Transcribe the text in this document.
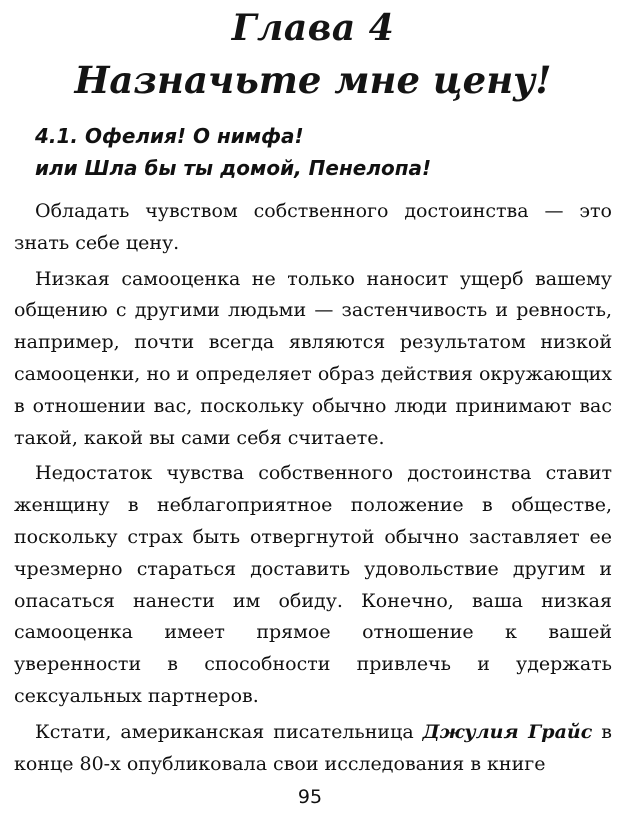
Глава 4
Назначьте мне цену!
4.1. Офелия! О нимфа!
или Шла бы ты домой, Пенелопа!

Обладать чувством собственного достоинства — это знать себе цену.

Низкая самооценка не только наносит ущерб вашему общению с другими людьми — застенчивость и ревность, например, почти всегда являются результатом низкой самооценки, но и определяет образ действия окружающих в отношении вас, поскольку обычно люди принимают вас такой, какой вы сами себя считаете.

Недостаток чувства собственного достоинства ставит женщину в неблагоприятное положение в обществе, поскольку страх быть отвергнутой обычно заставляет ее чрезмерно стараться доставить удовольствие другим и опасаться нанести им обиду. Конечно, ваша низкая самооценка имеет прямое отношение к вашей уверенности в способности привлечь и удержать сексуальных партнеров.

Кстати, американская писательница Джулия Грайс в конце 80-х опубликовала свои исследования в книге

95
